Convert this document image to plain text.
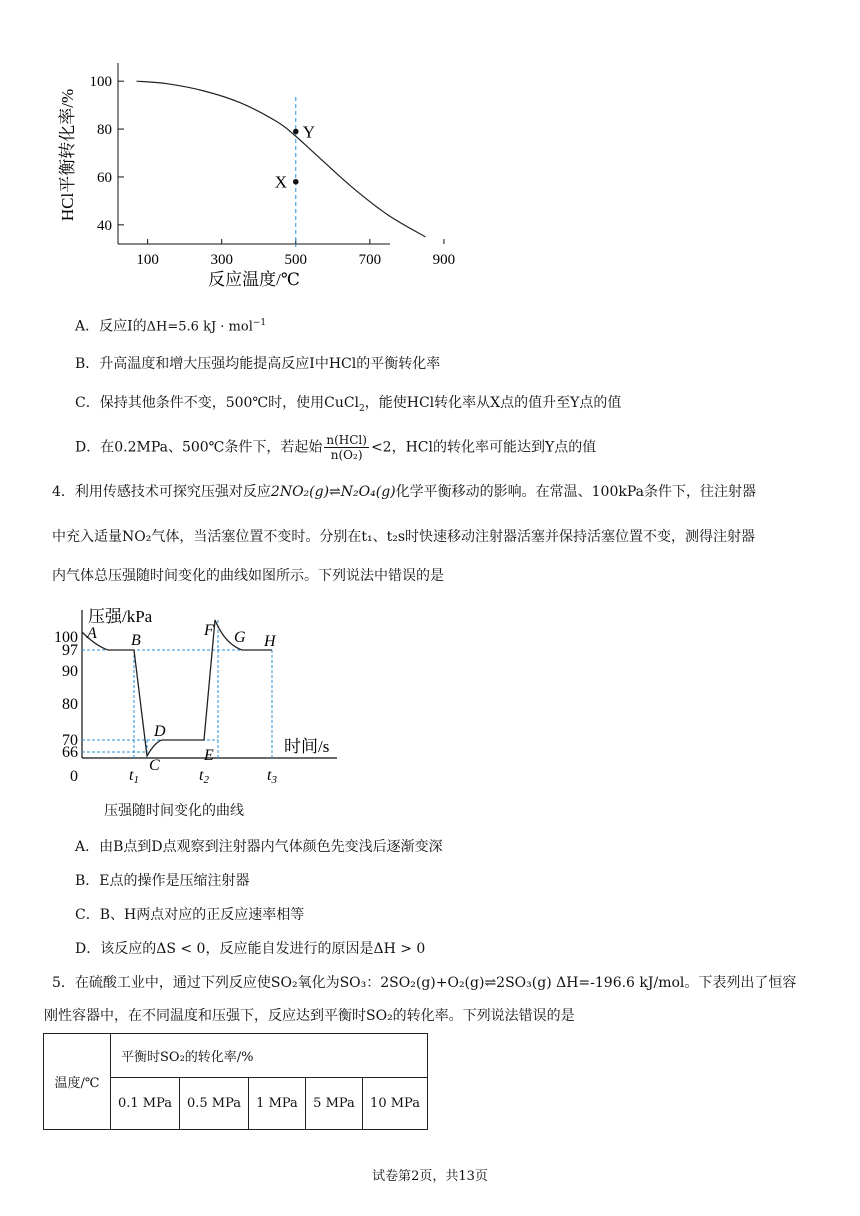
100
80
60
40
100	300	500	700	900
Y
X
HCl平衡转化率/%
反应温度/℃
A．反应Ⅰ的ΔH=5.6 kJ · mol$^{-1}$
B．升高温度和增大压强均能提高反应Ⅰ中HCl的平衡转化率
C．保持其他条件不变，500℃时，使用CuCl$_2$，能使HCl转化率从X点的值升至Y点的值
D．在0.2MPa、500℃条件下，若起始 $\frac{\text{n(HCl)}}{\text{n(O₂)}} <2$，HCl的转化率可能达到Y点的值
4．利用传感技术可探究压强对反应2NO₂(g)⇌N₂O₄(g)化学平衡移动的影响。在常温、100kPa条件下，往注射器
中充入适量NO₂气体，当活塞位置不变时。分别在t₁、t₂s时快速移动注射器活塞并保持活塞位置不变，测得注射器
内气体总压强随时间变化的曲线如图所示。下列说法中错误的是
压强/kPa
时间/s
100
97
90
80
70
66
0	t1	t2	t3
A B
C
D
E
F G H
压强随时间变化的曲线
A．由B点到D点观察到注射器内气体颜色先变浅后逐渐变深
B．E点的操作是压缩注射器
C．B、H两点对应的正反应速率相等
D．该反应的ΔS < 0，反应能自发进行的原因是ΔH > 0
5．在硫酸工业中，通过下列反应使SO₂氧化为SO₃：2SO₂(g)+O₂(g)⇌2SO₃(g) ΔH=-196.6 kJ/mol。下表列出了恒容
刚性容器中，在不同温度和压强下，反应达到平衡时SO₂的转化率。下列说法错误的是
温度/℃	平衡时SO₂的转化率/%				
	0.1 MPa	0.5 MPa	1 MPa	5 MPa	10 MPa
试卷第2页，共13页
